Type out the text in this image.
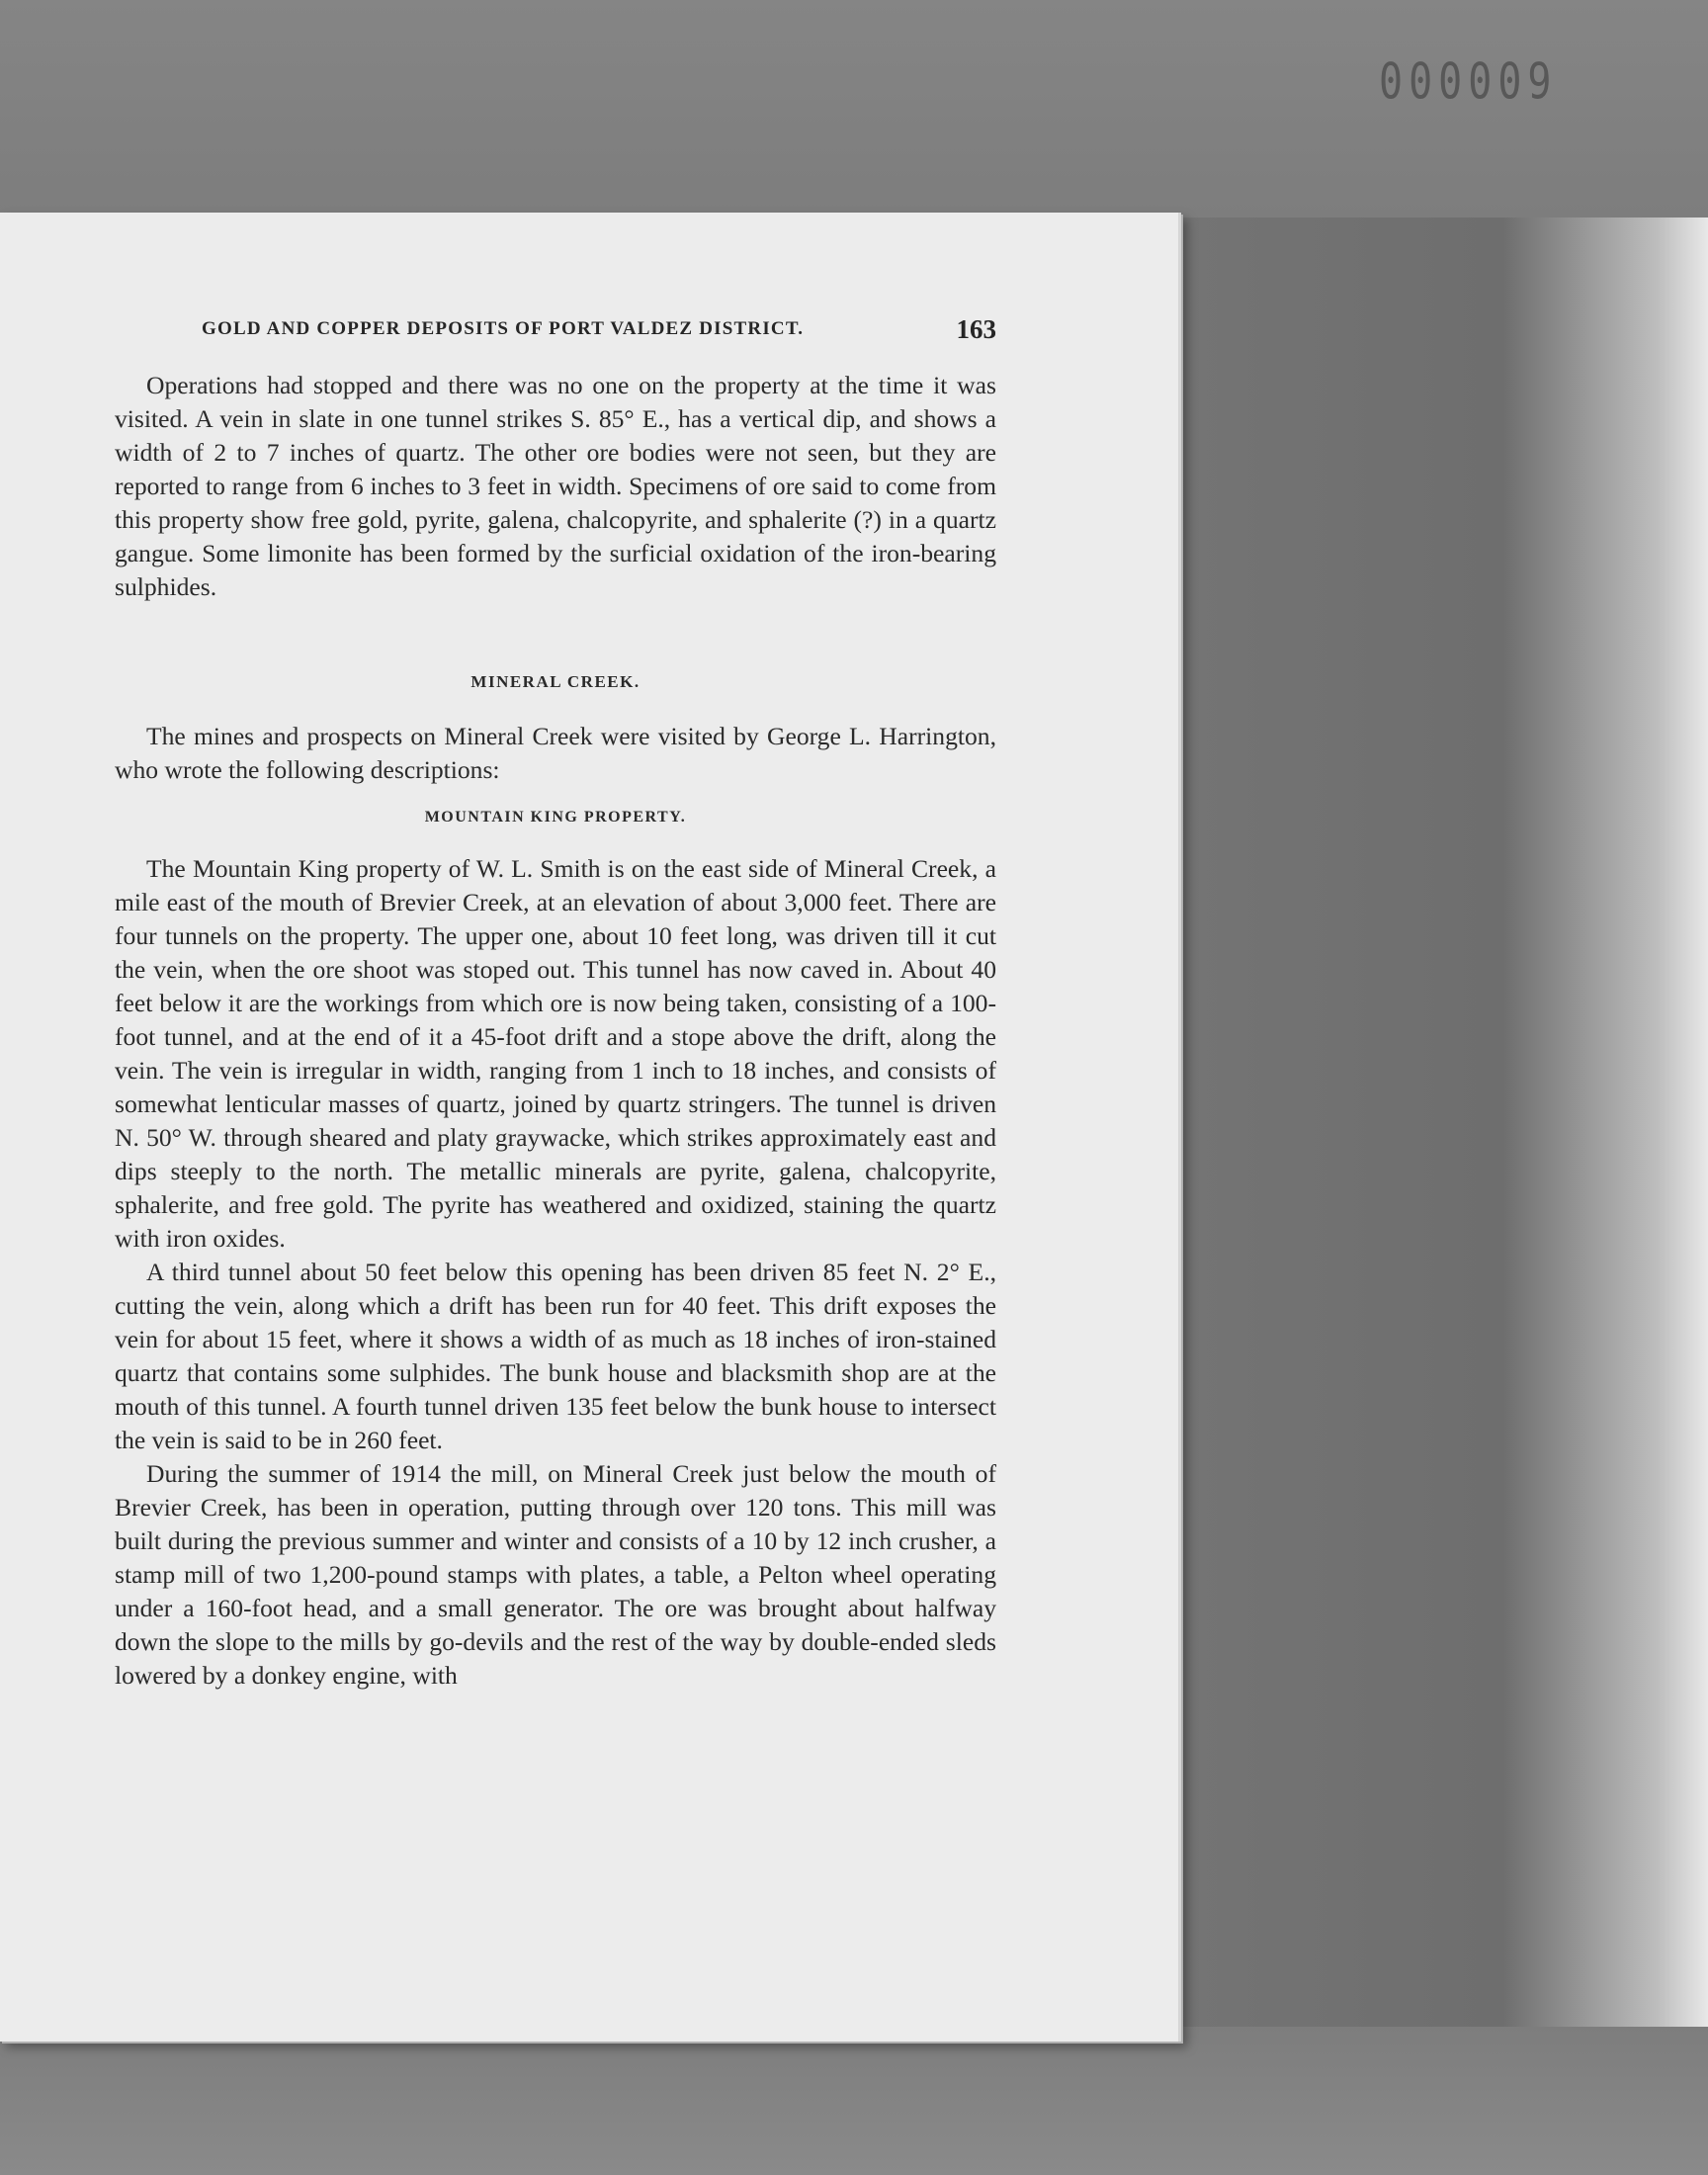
000009
GOLD AND COPPER DEPOSITS OF PORT VALDEZ DISTRICT.	163

Operations had stopped and there was no one on the property at the time it was visited. A vein in slate in one tunnel strikes S. 85° E., has a vertical dip, and shows a width of 2 to 7 inches of quartz. The other ore bodies were not seen, but they are reported to range from 6 inches to 3 feet in width. Specimens of ore said to come from this property show free gold, pyrite, galena, chalcopyrite, and sphalerite (?) in a quartz gangue. Some limonite has been formed by the surficial oxidation of the iron-bearing sulphides.

MINERAL CREEK.

The mines and prospects on Mineral Creek were visited by George L. Harrington, who wrote the following descriptions:

MOUNTAIN KING PROPERTY.

The Mountain King property of W. L. Smith is on the east side of Mineral Creek, a mile east of the mouth of Brevier Creek, at an elevation of about 3,000 feet. There are four tunnels on the property. The upper one, about 10 feet long, was driven till it cut the vein, when the ore shoot was stoped out. This tunnel has now caved in. About 40 feet below it are the workings from which ore is now being taken, consisting of a 100-foot tunnel, and at the end of it a 45-foot drift and a stope above the drift, along the vein. The vein is irregular in width, ranging from 1 inch to 18 inches, and consists of somewhat lenticular masses of quartz, joined by quartz stringers. The tunnel is driven N. 50° W. through sheared and platy graywacke, which strikes approximately east and dips steeply to the north. The metallic minerals are pyrite, galena, chalcopyrite, sphalerite, and free gold. The pyrite has weathered and oxidized, staining the quartz with iron oxides.

A third tunnel about 50 feet below this opening has been driven 85 feet N. 2° E., cutting the vein, along which a drift has been run for 40 feet. This drift exposes the vein for about 15 feet, where it shows a width of as much as 18 inches of iron-stained quartz that contains some sulphides. The bunk house and blacksmith shop are at the mouth of this tunnel. A fourth tunnel driven 135 feet below the bunk house to intersect the vein is said to be in 260 feet.

During the summer of 1914 the mill, on Mineral Creek just below the mouth of Brevier Creek, has been in operation, putting through over 120 tons. This mill was built during the previous summer and winter and consists of a 10 by 12 inch crusher, a stamp mill of two 1,200-pound stamps with plates, a table, a Pelton wheel operating under a 160-foot head, and a small generator. The ore was brought about halfway down the slope to the mills by go-devils and the rest of the way by double-ended sleds lowered by a donkey engine, with
